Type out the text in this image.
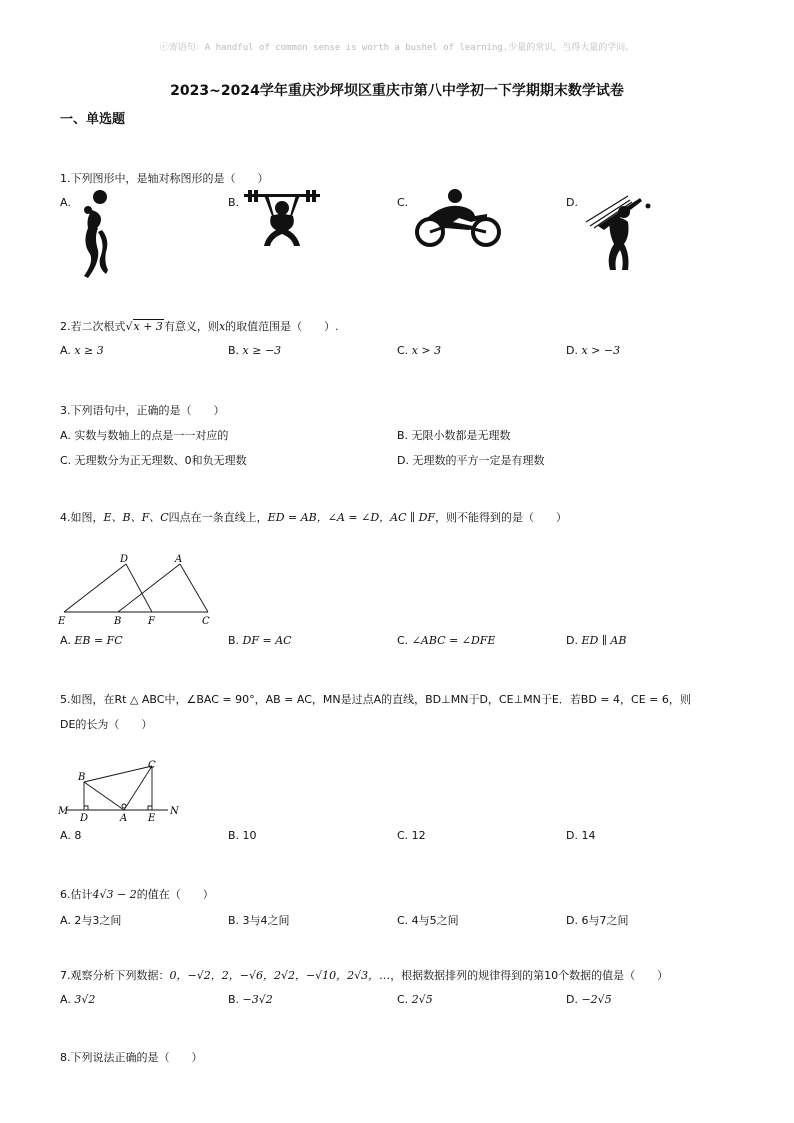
ⓒ寄语句：A handful of common sense is worth a bushel of learning.少量的常识，当得大量的学问。
2023~2024学年重庆沙坪坝区重庆市第八中学初一下学期期末数学试卷
一、单选题
1.下列图形中，是轴对称图形的是（　　）
A.	B.	C.	D.
2.若二次根式√x + 3有意义，则x的取值范围是（　　）.
A. x ≥ 3	B. x ≥ −3	C. x > 3	D. x > −3
3.下列语句中，正确的是（　　）
A. 实数与数轴上的点是一一对应的	B. 无限小数都是无理数
C. 无理数分为正无理数、0和负无理数	D. 无理数的平方一定是有理数
4.如图，E、B、F、C四点在一条直线上，ED = AB，∠A = ∠D，AC ∥ DF，则不能得到的是（　　）
D	A
E	B	F	C
A. EB = FC	B. DF = AC	C. ∠ABC = ∠DFE	D. ED ∥ AB
5.如图，在Rt △ ABC中，∠BAC = 90°，AB = AC，MN是过点A的直线，BD⊥MN于D，CE⊥MN于E．若BD = 4，CE = 6，则
DE的长为（　　）
B
C
M
D	A E
N
A. 8	B. 10	C. 12	D. 14
6.估计4√3 − 2的值在（　　）
A. 2与3之间	B. 3与4之间	C. 4与5之间	D. 6与7之间
7.观察分析下列数据：0，−√2，2，−√6，2√2，−√10，2√3，…，根据数据排列的规律得到的第10个数据的值是（　　）
A. 3√2	B. −3√2	C. 2√5	D. −2√5
8.下列说法正确的是（　　）
